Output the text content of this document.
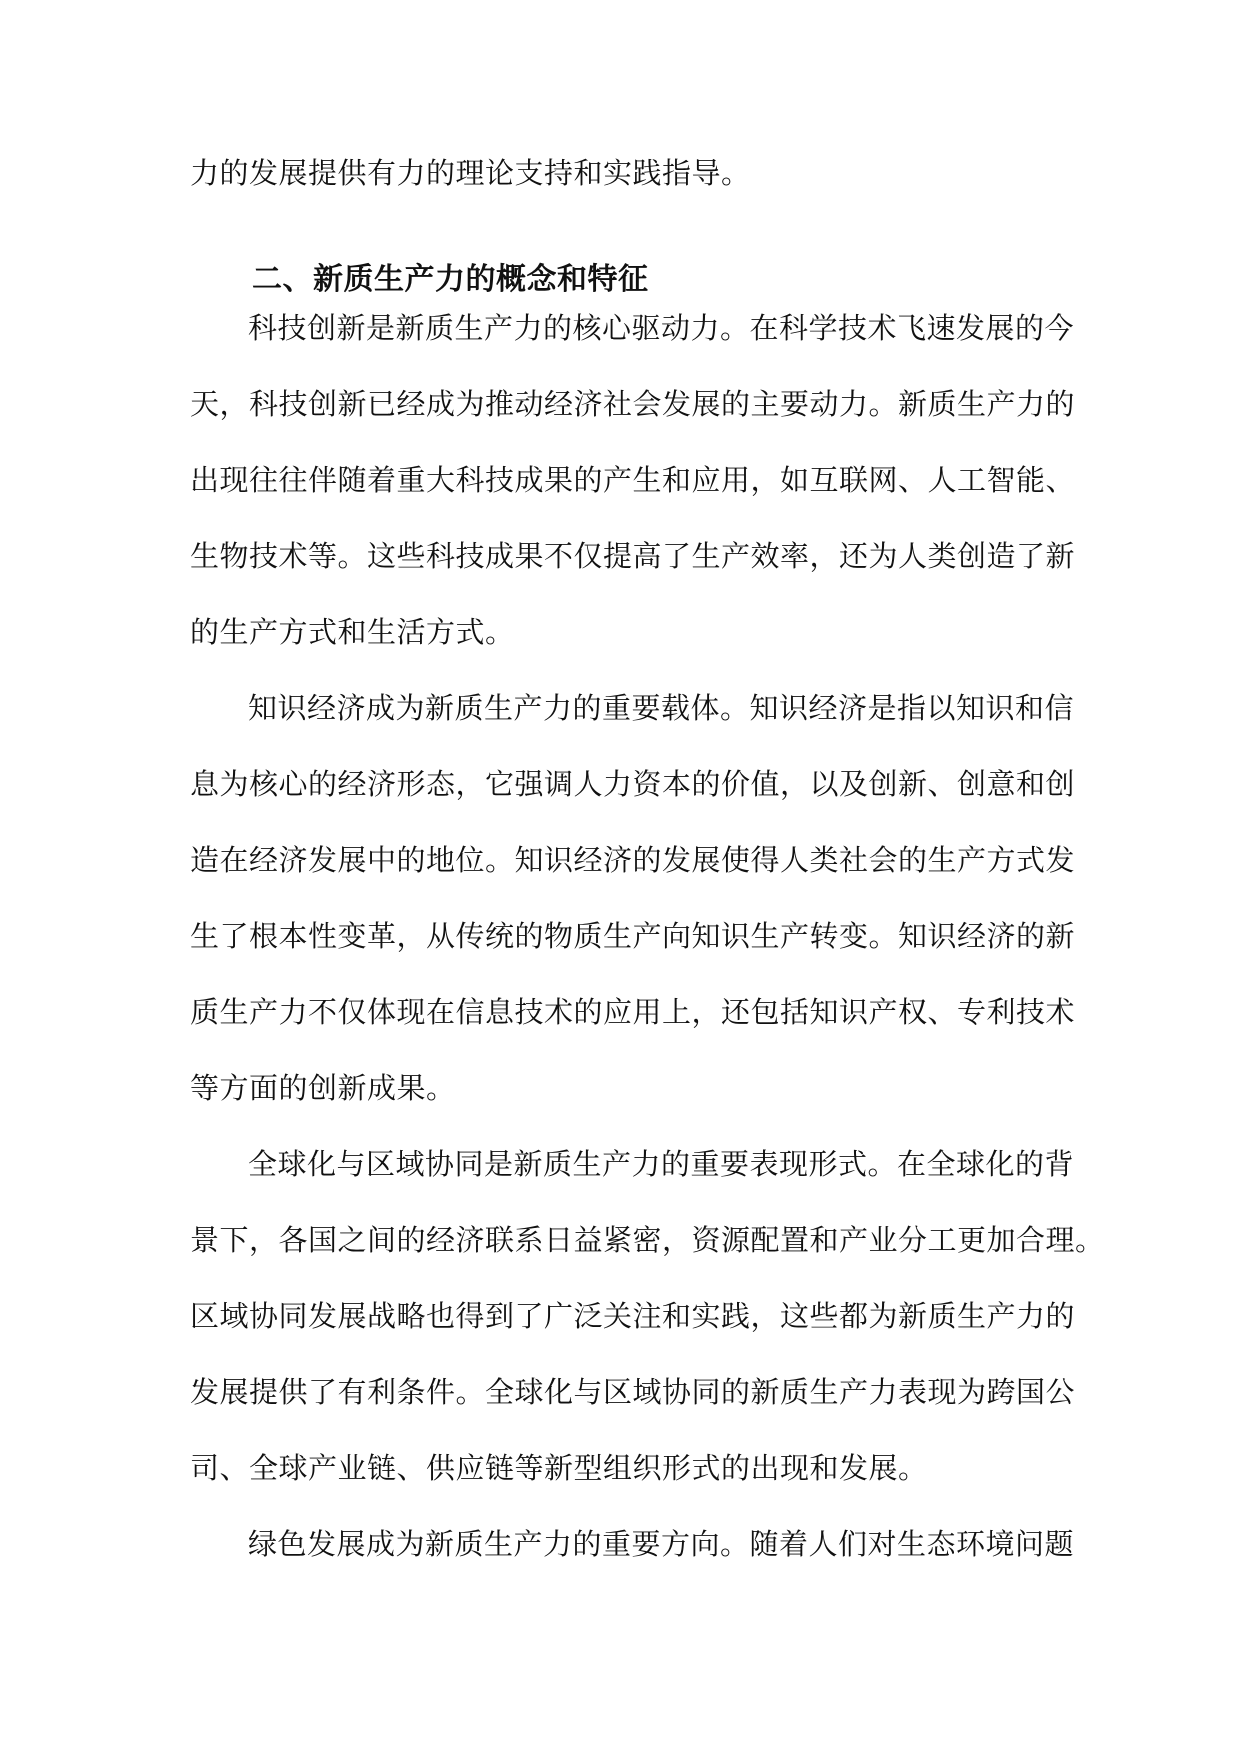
力的发展提供有力的理论支持和实践指导。
二、新质生产力的概念和特征
科技创新是新质生产力的核心驱动力。在科学技术飞速发展的今
天，科技创新已经成为推动经济社会发展的主要动力。新质生产力的
出现往往伴随着重大科技成果的产生和应用，如互联网、人工智能、
生物技术等。这些科技成果不仅提高了生产效率，还为人类创造了新
的生产方式和生活方式。
知识经济成为新质生产力的重要载体。知识经济是指以知识和信
息为核心的经济形态，它强调人力资本的价值，以及创新、创意和创
造在经济发展中的地位。知识经济的发展使得人类社会的生产方式发
生了根本性变革，从传统的物质生产向知识生产转变。知识经济的新
质生产力不仅体现在信息技术的应用上，还包括知识产权、专利技术
等方面的创新成果。
全球化与区域协同是新质生产力的重要表现形式。在全球化的背
景下，各国之间的经济联系日益紧密，资源配置和产业分工更加合理。
区域协同发展战略也得到了广泛关注和实践，这些都为新质生产力的
发展提供了有利条件。全球化与区域协同的新质生产力表现为跨国公
司、全球产业链、供应链等新型组织形式的出现和发展。
绿色发展成为新质生产力的重要方向。随着人们对生态环境问题
